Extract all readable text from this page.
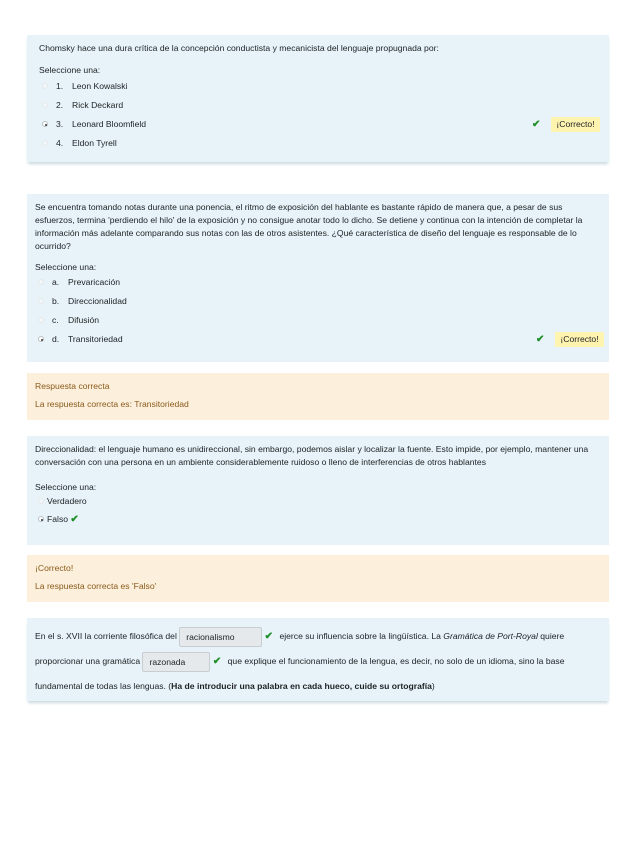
Chomsky hace una dura crítica de la concepción conductista y mecanicista del lenguaje propugnada por:
Seleccione una:
1. Leon Kowalski
2. Rick Deckard
3. Leonard Bloomfield	✔	¡Correcto!
4. Eldon Tyrell
Se encuentra tomando notas durante una ponencia, el ritmo de exposición del hablante es bastante rápido de manera que, a pesar de sus esfuerzos, termina 'perdiendo el hilo' de la exposición y no consigue anotar todo lo dicho. Se detiene y continua con la intención de completar la información más adelante comparando sus notas con las de otros asistentes. ¿Qué característica de diseño del lenguaje es responsable de lo ocurrido?
Seleccione una:
a. Prevaricación
b. Direccionalidad
c. Difusión
d. Transitoriedad	✔	¡Correcto!
Respuesta correcta
La respuesta correcta es: Transitoriedad
Direccionalidad: el lenguaje humano es unidireccional, sin embargo, podemos aislar y localizar la fuente. Esto impide, por ejemplo, mantener una conversación con una persona en un ambiente considerablemente ruidoso o lleno de interferencias de otros hablantes
Seleccione una:
Verdadero
Falso ✔
¡Correcto!
La respuesta correcta es 'Falso'
En el s. XVII la corriente filosófica del racionalismo	✔ ejerce su influencia sobre la lingüística. La Gramática de Port-Royal quiere
proporcionar una gramática razonada	✔ que explique el funcionamiento de la lengua, es decir, no solo de un idioma, sino la base
fundamental de todas las lenguas. (Ha de introducir una palabra en cada hueco, cuide su ortografía)
